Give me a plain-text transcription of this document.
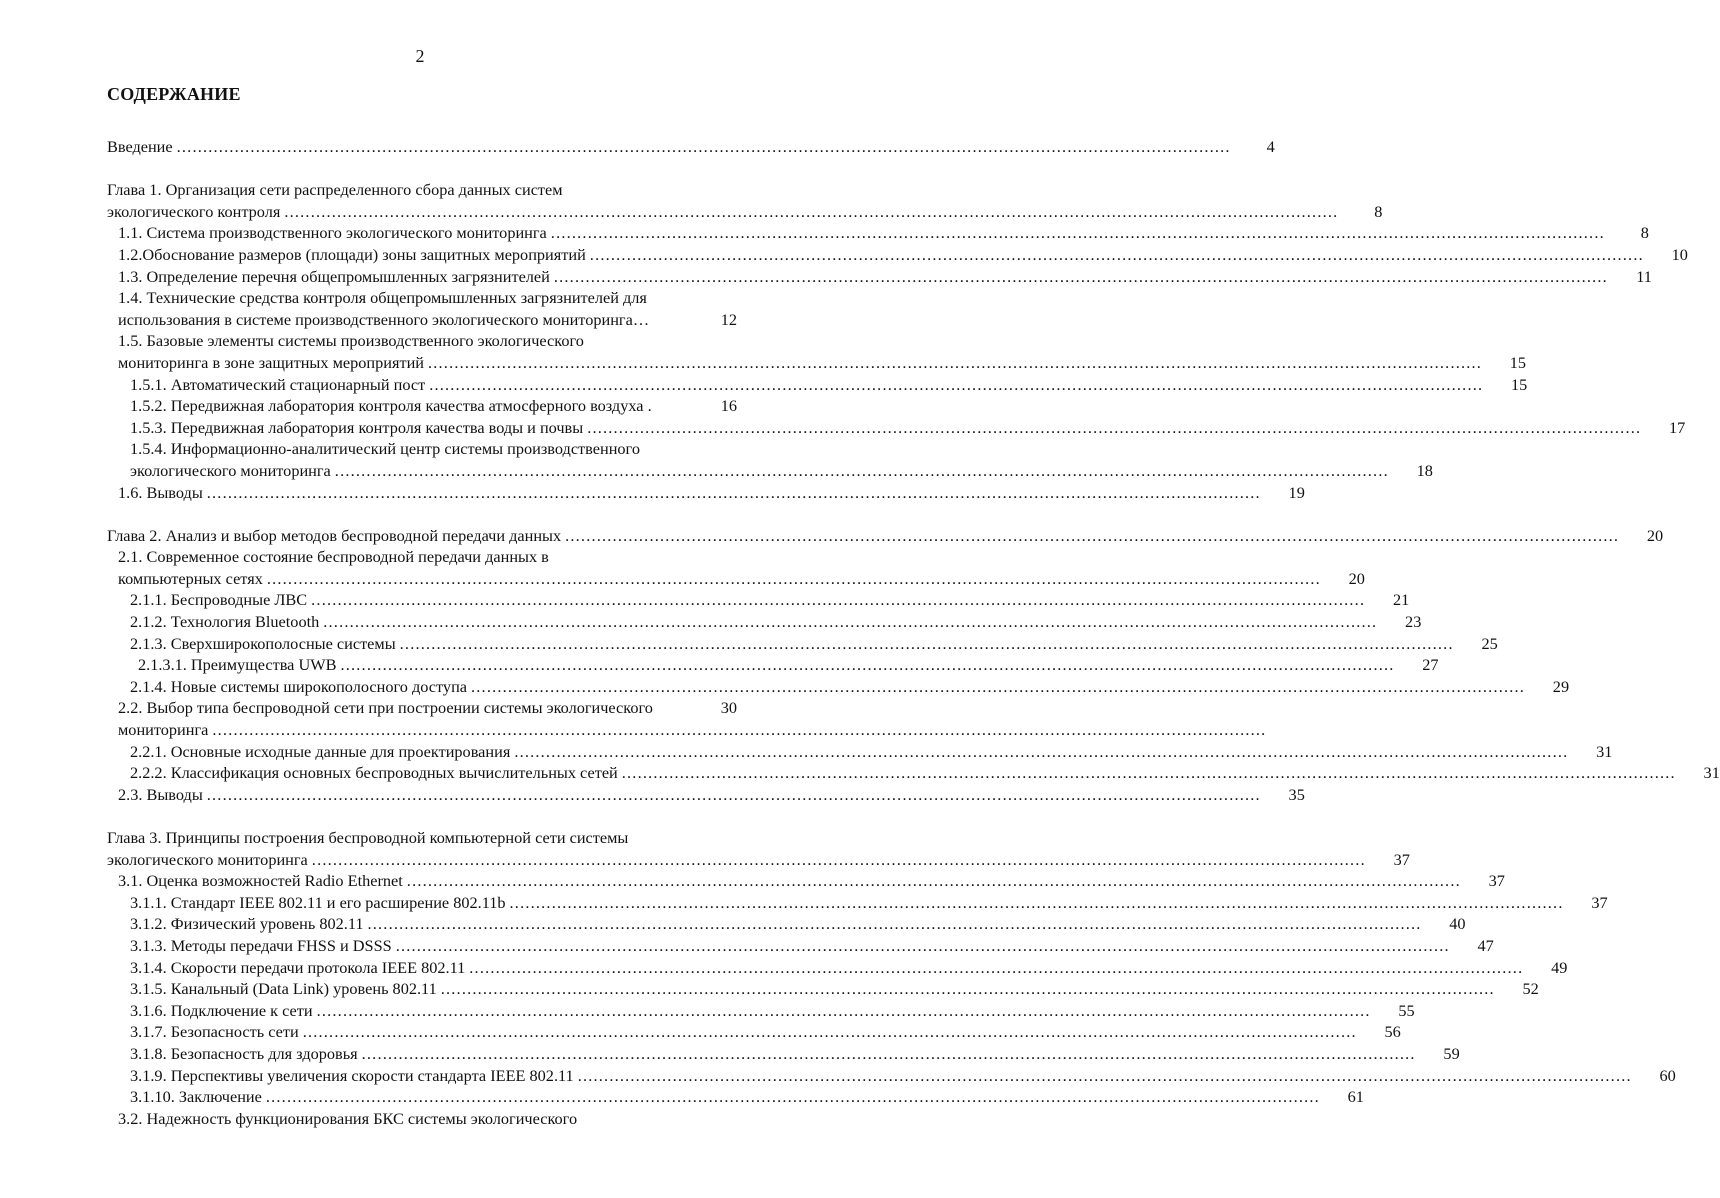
2
СОДЕРЖАНИЕ
Введение ........................................................................................................................................................................................................	4
Глава 1. Организация сети распределенного сбора данных систем
экологического контроля ........................................................................................................................................................................................................	8
1.1. Система производственного экологического мониторинга ........................................................................................................................................................................................................	8
1.2.Обоснование размеров (площади) зоны защитных мероприятий ........................................................................................................................................................................................................	10
1.3. Определение перечня общепромышленных загрязнителей ........................................................................................................................................................................................................	11
1.4. Технические средства контроля общепромышленных загрязнителей для
использования в системе производственного экологического мониторинга…	12
1.5. Базовые элементы системы производственного экологического
мониторинга в зоне защитных мероприятий ........................................................................................................................................................................................................	15
1.5.1. Автоматический стационарный пост ........................................................................................................................................................................................................	15
1.5.2. Передвижная лаборатория контроля качества атмосферного воздуха .	16
1.5.3. Передвижная лаборатория контроля качества воды и почвы ........................................................................................................................................................................................................	17
1.5.4. Информационно-аналитический центр системы производственного
экологического мониторинга ........................................................................................................................................................................................................	18
1.6. Выводы ........................................................................................................................................................................................................	19
Глава 2. Анализ и выбор методов беспроводной передачи данных ........................................................................................................................................................................................................	20
2.1. Современное состояние беспроводной передачи данных в
компьютерных сетях ........................................................................................................................................................................................................	20
2.1.1. Беспроводные ЛВС ........................................................................................................................................................................................................	21
2.1.2. Технология Bluetooth ........................................................................................................................................................................................................	23
2.1.3. Сверхширокополосные системы ........................................................................................................................................................................................................	25
2.1.3.1. Преимущества UWB ........................................................................................................................................................................................................	27
2.1.4. Новые системы широкополосного доступа ........................................................................................................................................................................................................	29
2.2. Выбор типа беспроводной сети при построении системы экологического	30
мониторинга ........................................................................................................................................................................................................
2.2.1. Основные исходные данные для проектирования ........................................................................................................................................................................................................	31
2.2.2. Классификация основных беспроводных вычислительных сетей ........................................................................................................................................................................................................	31
2.3. Выводы ........................................................................................................................................................................................................	35
Глава 3. Принципы построения беспроводной компьютерной сети системы
экологического мониторинга ........................................................................................................................................................................................................	37
3.1. Оценка возможностей Radio Ethernet ........................................................................................................................................................................................................	37
3.1.1. Стандарт IEEE 802.11 и его расширение 802.11b ........................................................................................................................................................................................................	37
3.1.2. Физический уровень 802.11 ........................................................................................................................................................................................................	40
3.1.3. Методы передачи FHSS и DSSS ........................................................................................................................................................................................................	47
3.1.4. Скорости передачи протокола IEEE 802.11 ........................................................................................................................................................................................................	49
3.1.5. Канальный (Data Link) уровень 802.11 ........................................................................................................................................................................................................	52
3.1.6. Подключение к сети ........................................................................................................................................................................................................	55
3.1.7. Безопасность сети ........................................................................................................................................................................................................	56
3.1.8. Безопасность для здоровья ........................................................................................................................................................................................................	59
3.1.9. Перспективы увеличения скорости стандарта IEEE 802.11 ........................................................................................................................................................................................................	60
3.1.10. Заключение ........................................................................................................................................................................................................	61
3.2. Надежность функционирования БКС системы экологического
